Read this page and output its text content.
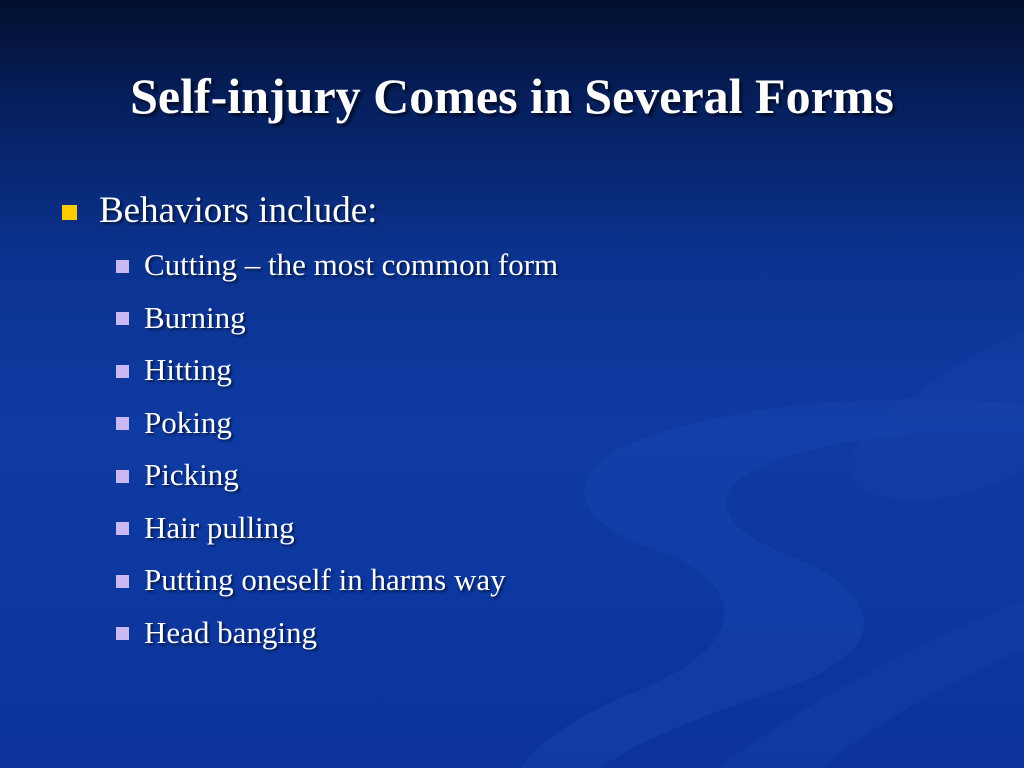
Self-injury Comes in Several Forms
Behaviors include:
Cutting – the most common form
Burning
Hitting
Poking
Picking
Hair pulling
Putting oneself in harms way
Head banging
